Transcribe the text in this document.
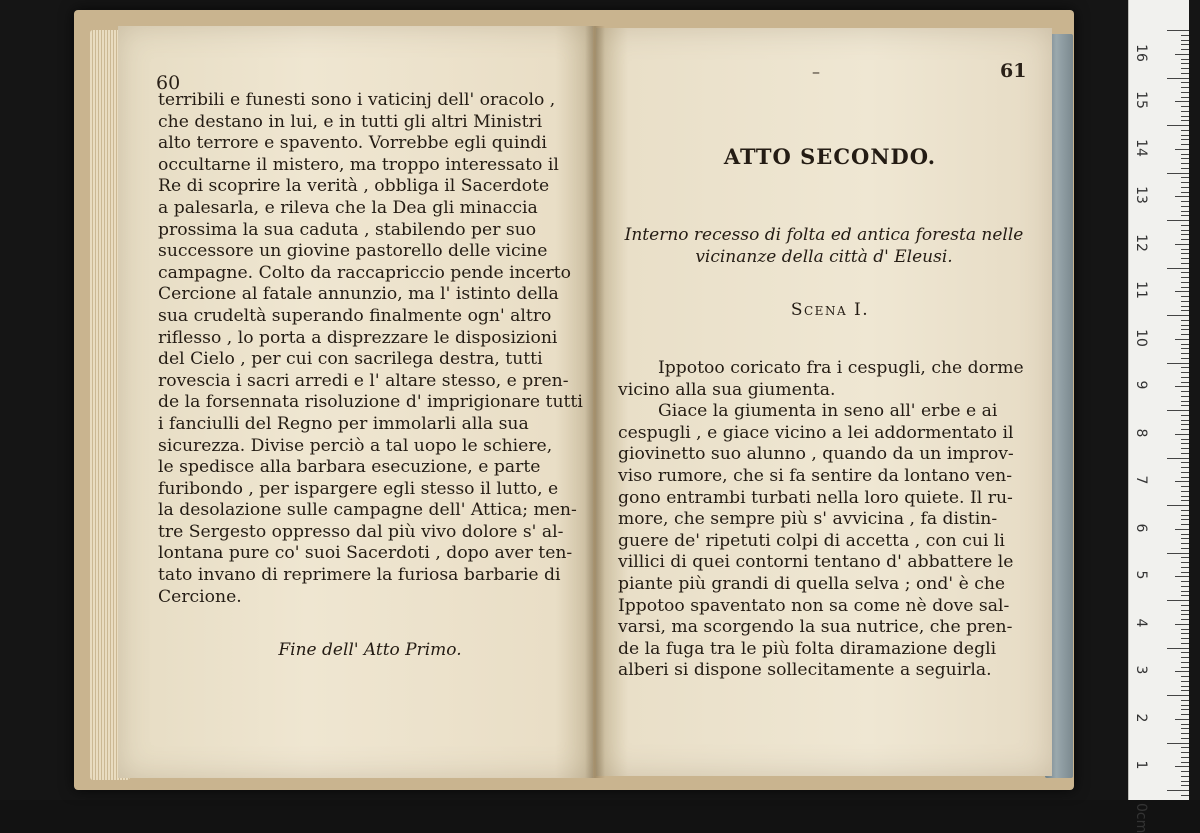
60
terribili e funesti sono i vaticinj dell' oracolo ,
che destano in lui, e in tutti gli altri Ministri
alto terrore e spavento. Vorrebbe egli quindi
occultarne il mistero, ma troppo interessato il
Re di scoprire la verità , obbliga il Sacerdote
a palesarla, e rileva che la Dea gli minaccia
prossima la sua caduta , stabilendo per suo
successore un giovine pastorello delle vicine
campagne. Colto da raccapriccio pende incerto
Cercione al fatale annunzio, ma l' istinto della
sua crudeltà superando finalmente ogn' altro
riflesso , lo porta a disprezzare le disposizioni
del Cielo , per cui con sacrilega destra, tutti
rovescia i sacri arredi e l' altare stesso, e pren-
de la forsennata risoluzione d' imprigionare tutti
i fanciulli del Regno per immolarli alla sua
sicurezza. Divise perciò a tal uopo le schiere,
le spedisce alla barbara esecuzione, e parte
furibondo , per ispargere egli stesso il lutto, e
la desolazione sulle campagne dell' Attica; men-
tre Sergesto oppresso dal più vivo dolore s' al-
lontana pure co' suoi Sacerdoti , dopo aver ten-
tato invano di reprimere la furiosa barbarie di
Cercione.
Fine dell' Atto Primo.
–	61
ATTO SECONDO.
Interno recesso di folta ed antica foresta nelle
vicinanze della città d' Eleusi.
Scena I.
Ippotoo coricato fra i cespugli, che dorme
vicino alla sua giumenta.
Giace la giumenta in seno all' erbe e ai
cespugli , e giace vicino a lei addormentato il
giovinetto suo alunno , quando da un improv-
viso rumore, che si fa sentire da lontano ven-
gono entrambi turbati nella loro quiete. Il ru-
more, che sempre più s' avvicina , fa distin-
guere de' ripetuti colpi di accetta , con cui li
villici di quei contorni tentano d' abbattere le
piante più grandi di quella selva ; ond' è che
Ippotoo spaventato non sa come nè dove sal-
varsi, ma scorgendo la sua nutrice, che pren-
de la fuga tra le più folta diramazione degli
alberi si dispone sollecitamente a seguirla.
16
15
14
13
12
11
10
9
8
7
6
5
4
3
2
1
0cm
